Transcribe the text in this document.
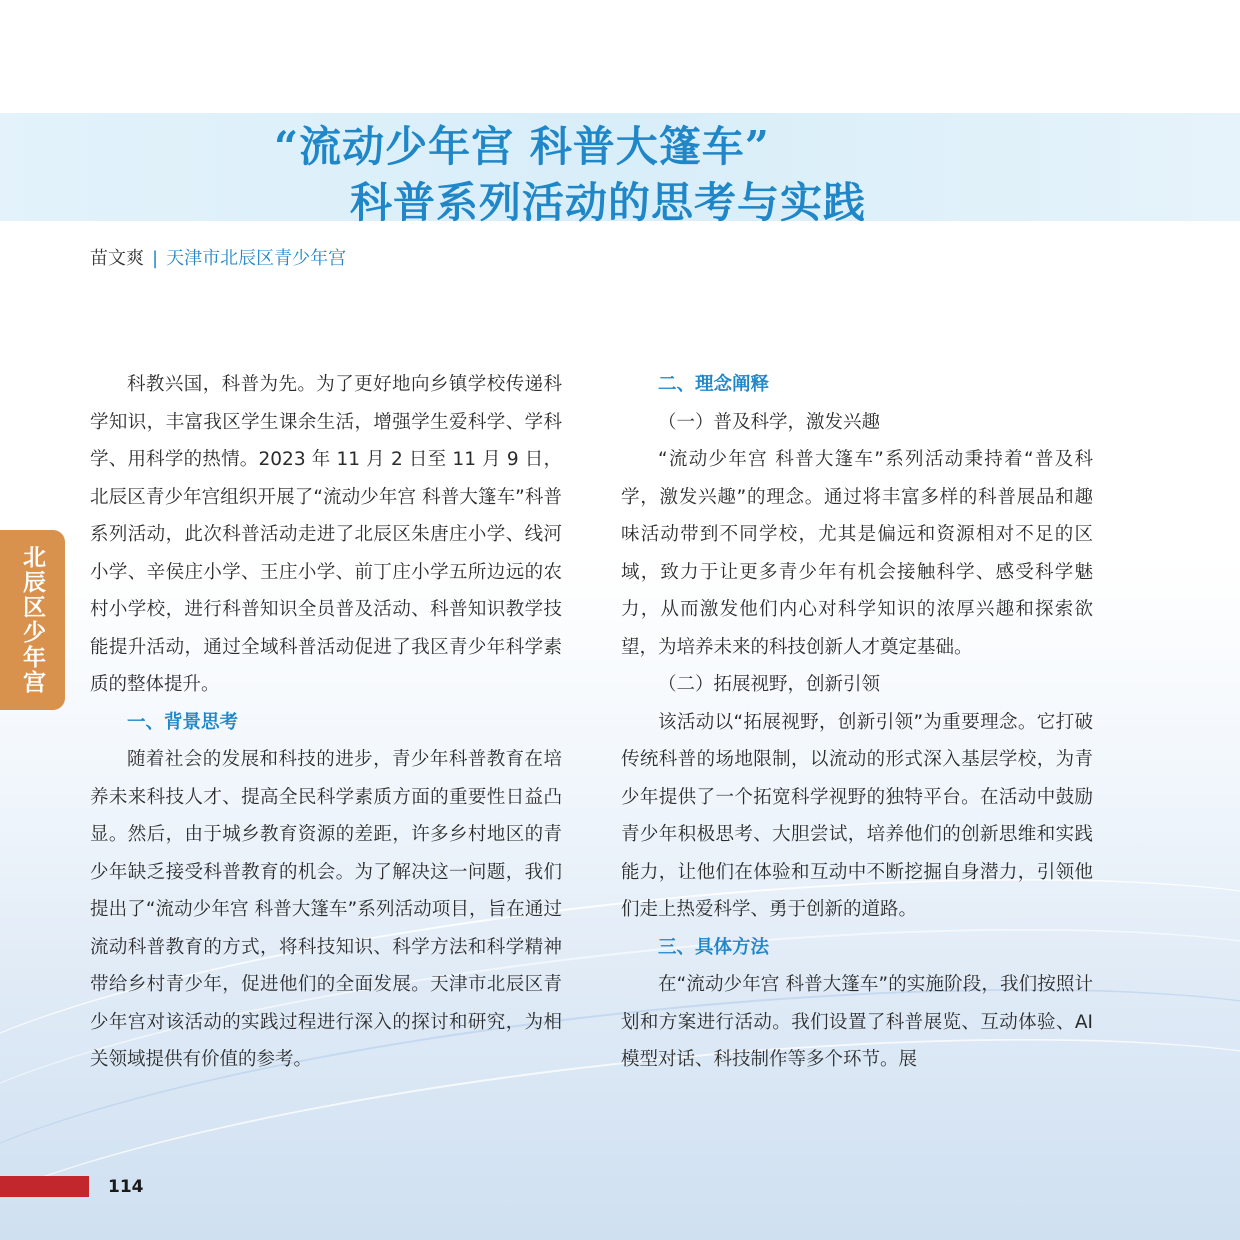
“流动少年宫 科普大篷车”
科普系列活动的思考与实践
苗文爽 | 天津市北辰区青少年宫
北辰区少年宫

科教兴国，科普为先。为了更好地向乡镇学校传递科学知识，丰富我区学生课余生活，增强学生爱科学、学科学、用科学的热情。2023 年 11 月 2 日至 11 月 9 日，北辰区青少年宫组织开展了“流动少年宫 科普大篷车”科普系列活动，此次科普活动走进了北辰区朱唐庄小学、线河小学、辛侯庄小学、王庄小学、前丁庄小学五所边远的农村小学校，进行科普知识全员普及活动、科普知识教学技能提升活动，通过全域科普活动促进了我区青少年科学素质的整体提升。

一、背景思考

随着社会的发展和科技的进步，青少年科普教育在培养未来科技人才、提高全民科学素质方面的重要性日益凸显。然后，由于城乡教育资源的差距，许多乡村地区的青少年缺乏接受科普教育的机会。为了解决这一问题，我们提出了“流动少年宫 科普大篷车”系列活动项目，旨在通过流动科普教育的方式，将科技知识、科学方法和科学精神带给乡村青少年，促进他们的全面发展。天津市北辰区青少年宫对该活动的实践过程进行深入的探讨和研究，为相关领域提供有价值的参考。

二、理念阐释
（一）普及科学，激发兴趣

“流动少年宫 科普大篷车”系列活动秉持着“普及科学，激发兴趣”的理念。通过将丰富多样的科普展品和趣味活动带到不同学校，尤其是偏远和资源相对不足的区域，致力于让更多青少年有机会接触科学、感受科学魅力，从而激发他们内心对科学知识的浓厚兴趣和探索欲望，为培养未来的科技创新人才奠定基础。

（二）拓展视野，创新引领

该活动以“拓展视野，创新引领”为重要理念。它打破传统科普的场地限制，以流动的形式深入基层学校，为青少年提供了一个拓宽科学视野的独特平台。在活动中鼓励青少年积极思考、大胆尝试，培养他们的创新思维和实践能力，让他们在体验和互动中不断挖掘自身潜力，引领他们走上热爱科学、勇于创新的道路。

三、具体方法

在“流动少年宫 科普大篷车”的实施阶段，我们按照计划和方案进行活动。我们设置了科普展览、互动体验、AI 模型对话、科技制作等多个环节。展

114
